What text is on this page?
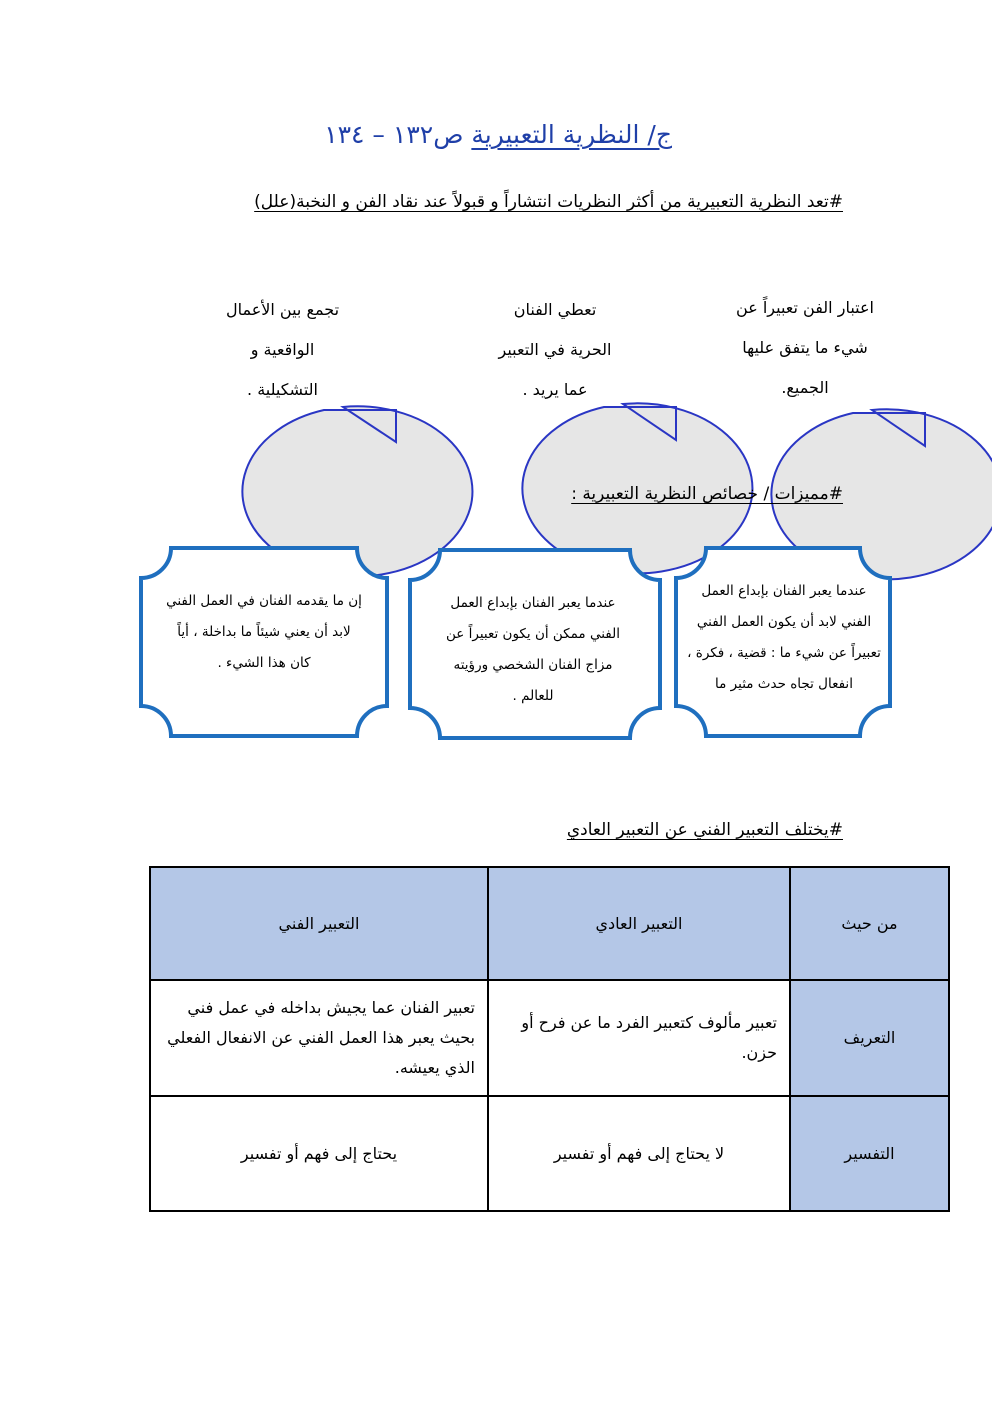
ج/ النظرية التعبيرية ص١٣٢ – ١٣٤
#تعد النظرية التعبيرية من أكثر النظريات انتشاراً و قبولاً عند نقاد الفن و النخبة(علل)
اعتبار الفن تعبيراً عن
شيء ما يتفق عليها
الجميع.
تعطي الفنان
الحرية في التعبير
عما يريد .
تجمع بين الأعمال
الواقعية و
التشكيلية .
#مميزات / خصائص النظرية التعبيرية :
عندما يعبر الفنان بإبداع العمل
الفني لابد أن يكون العمل الفني
تعبيراً عن شيء ما : قضية ، فكرة ،
انفعال تجاه حدث مثير ما
عندما يعبر الفنان بإبداع العمل
الفني ممكن أن يكون تعبيراً عن
مزاج الفنان الشخصي ورؤيته
للعالم .
إن ما يقدمه الفنان في العمل الفني
لابد أن يعني شيئاً ما بداخلة ، أياً
كان هذا الشيء .
#يختلف التعبير الفني عن التعبير العادي
من حيث	التعبير العادي	التعبير الفني
التعريف	تعبير مألوف كتعبير الفرد ما عن فرح أو حزن.	تعبير الفنان عما يجيش بداخله في عمل فني بحيث يعبر هذا العمل الفني عن الانفعال الفعلي الذي يعيشه.
التفسير	لا يحتاج إلى فهم أو تفسير	يحتاج إلى فهم أو تفسير
